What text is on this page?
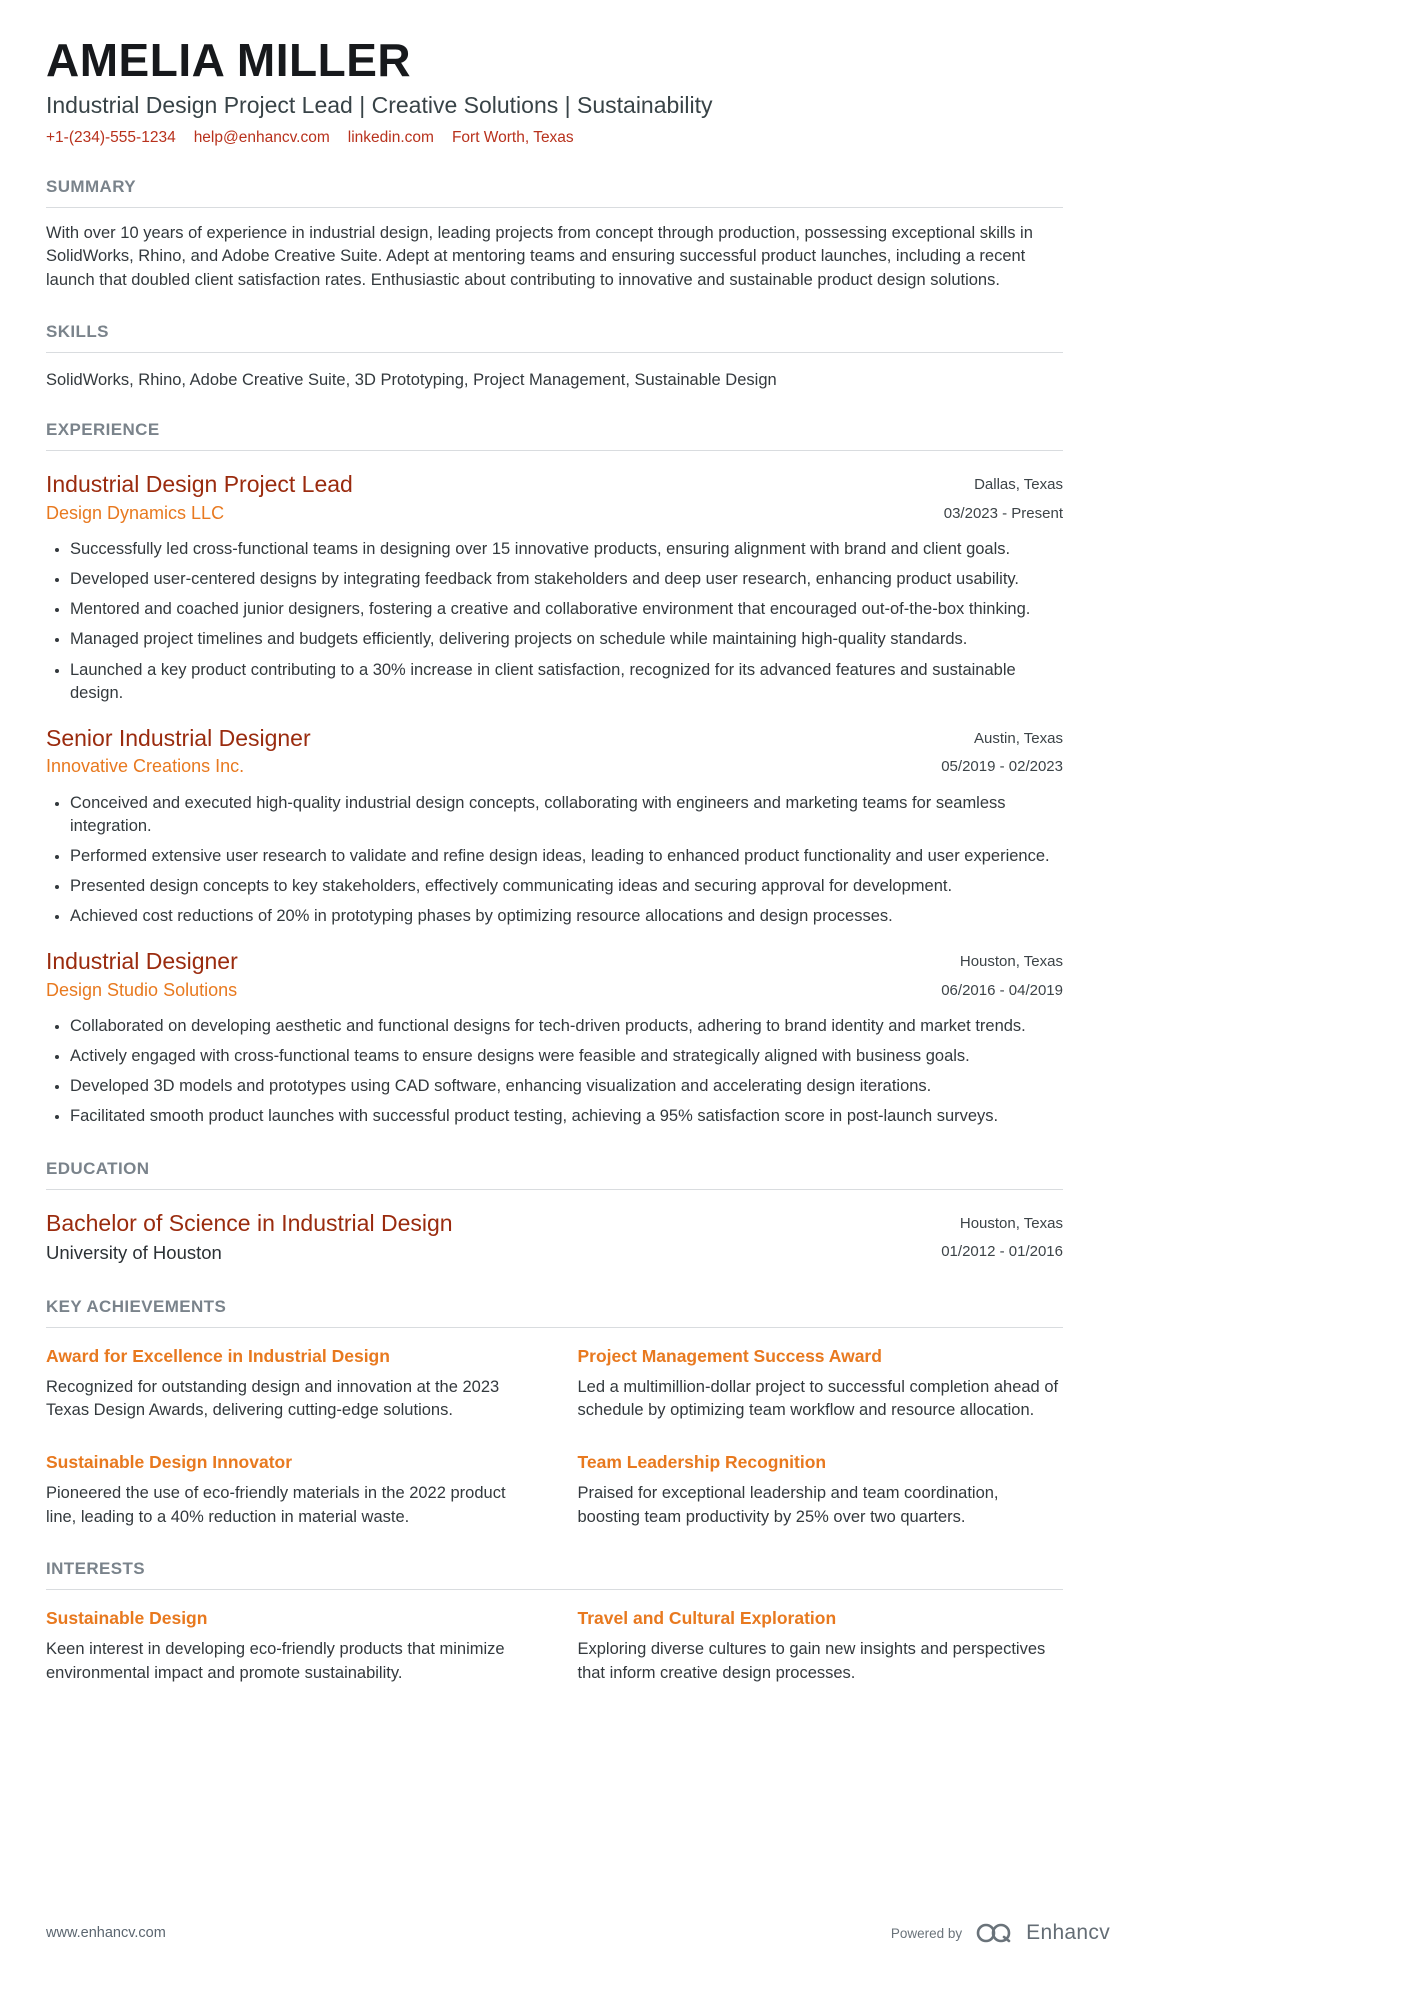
AMELIA MILLER
Industrial Design Project Lead | Creative Solutions | Sustainability
+1-(234)-555-1234 help@enhancv.com linkedin.com Fort Worth, Texas
SUMMARY
With over 10 years of experience in industrial design, leading projects from concept through production, possessing exceptional skills in SolidWorks, Rhino, and Adobe Creative Suite. Adept at mentoring teams and ensuring successful product launches, including a recent launch that doubled client satisfaction rates. Enthusiastic about contributing to innovative and sustainable product design solutions.
SKILLS
SolidWorks, Rhino, Adobe Creative Suite, 3D Prototyping, Project Management, Sustainable Design
EXPERIENCE
Industrial Design Project Lead
Design Dynamics LLC
Dallas, Texas
03/2023 - Present
• Successfully led cross-functional teams in designing over 15 innovative products, ensuring alignment with brand and client goals.
• Developed user-centered designs by integrating feedback from stakeholders and deep user research, enhancing product usability.
• Mentored and coached junior designers, fostering a creative and collaborative environment that encouraged out-of-the-box thinking.
• Managed project timelines and budgets efficiently, delivering projects on schedule while maintaining high-quality standards.
• Launched a key product contributing to a 30% increase in client satisfaction, recognized for its advanced features and sustainable design.
Senior Industrial Designer
Innovative Creations Inc.
Austin, Texas
05/2019 - 02/2023
• Conceived and executed high-quality industrial design concepts, collaborating with engineers and marketing teams for seamless integration.
• Performed extensive user research to validate and refine design ideas, leading to enhanced product functionality and user experience.
• Presented design concepts to key stakeholders, effectively communicating ideas and securing approval for development.
• Achieved cost reductions of 20% in prototyping phases by optimizing resource allocations and design processes.
Industrial Designer
Design Studio Solutions
Houston, Texas
06/2016 - 04/2019
• Collaborated on developing aesthetic and functional designs for tech-driven products, adhering to brand identity and market trends.
• Actively engaged with cross-functional teams to ensure designs were feasible and strategically aligned with business goals.
• Developed 3D models and prototypes using CAD software, enhancing visualization and accelerating design iterations.
• Facilitated smooth product launches with successful product testing, achieving a 95% satisfaction score in post-launch surveys.
EDUCATION
Bachelor of Science in Industrial Design
University of Houston
Houston, Texas
01/2012 - 01/2016
KEY ACHIEVEMENTS
Award for Excellence in Industrial Design
Recognized for outstanding design and innovation at the 2023 Texas Design Awards, delivering cutting-edge solutions.
Project Management Success Award
Led a multimillion-dollar project to successful completion ahead of schedule by optimizing team workflow and resource allocation.
Sustainable Design Innovator
Pioneered the use of eco-friendly materials in the 2022 product line, leading to a 40% reduction in material waste.
Team Leadership Recognition
Praised for exceptional leadership and team coordination, boosting team productivity by 25% over two quarters.
INTERESTS
Sustainable Design
Keen interest in developing eco-friendly products that minimize environmental impact and promote sustainability.
Travel and Cultural Exploration
Exploring diverse cultures to gain new insights and perspectives that inform creative design processes.
www.enhancv.com	Powered by	Enhancv
